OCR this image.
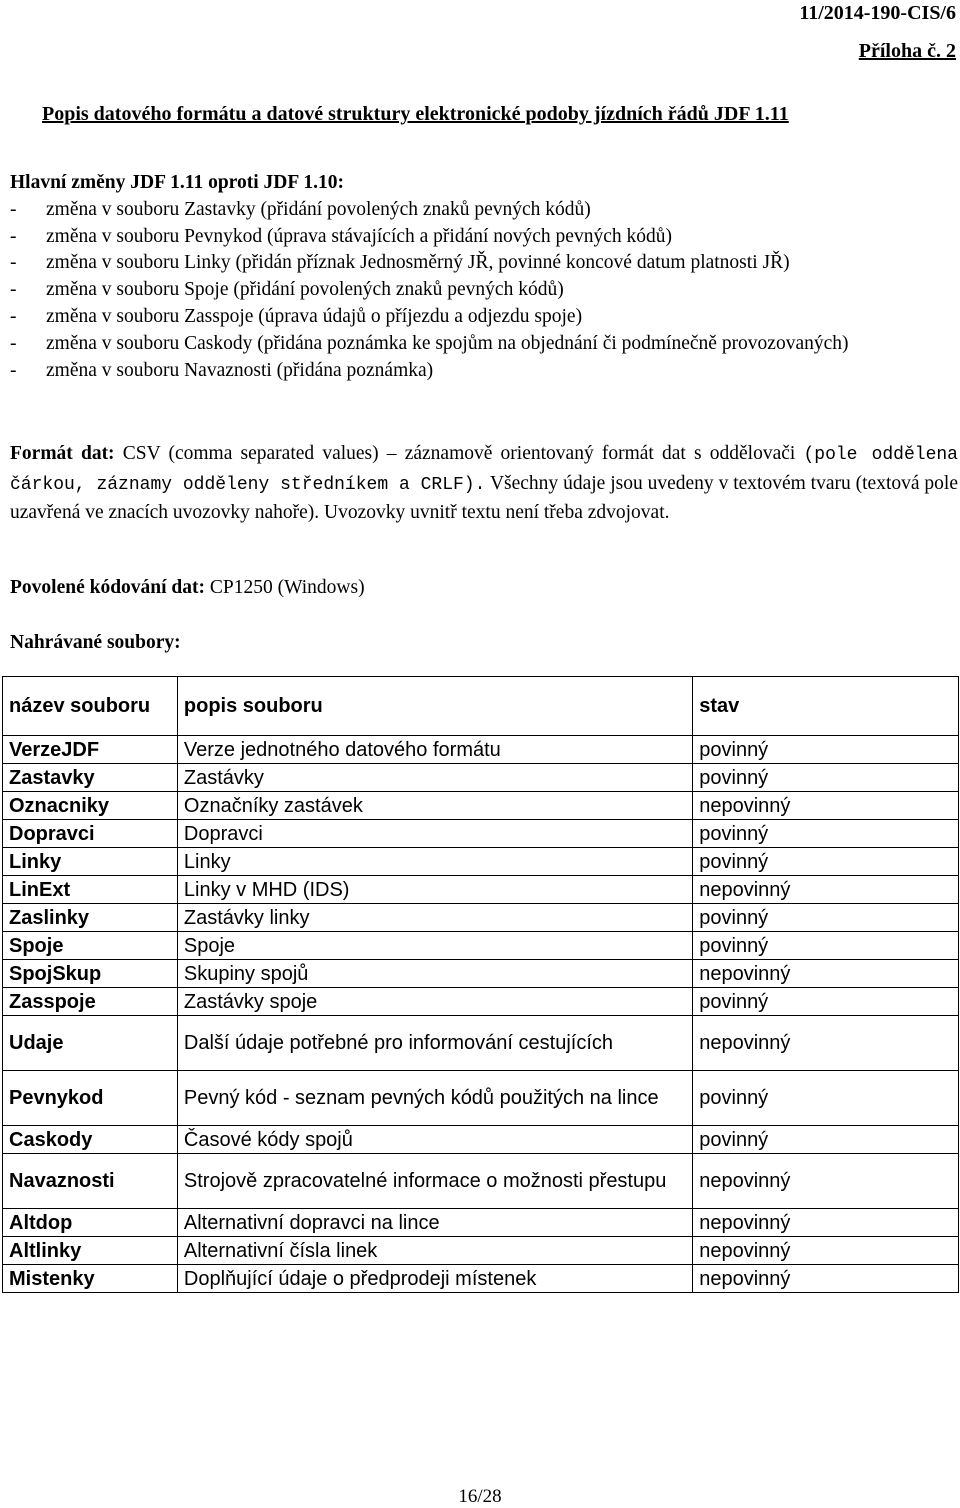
11/2014-190-CIS/6
Příloha č. 2
Popis datového formátu a datové struktury elektronické podoby jízdních řádů JDF 1.11
Hlavní změny JDF 1.11 oproti JDF 1.10:
- změna v souboru Zastavky (přidání povolených znaků pevných kódů)
- změna v souboru Pevnykod (úprava stávajících a přidání nových pevných kódů)
- změna v souboru Linky (přidán příznak Jednosměrný JŘ, povinné koncové datum platnosti JŘ)
- změna v souboru Spoje (přidání povolených znaků pevných kódů)
- změna v souboru Zasspoje (úprava údajů o příjezdu a odjezdu spoje)
- změna v souboru Caskody (přidána poznámka ke spojům na objednání či podmínečně provozovaných)
- změna v souboru Navaznosti (přidána poznámka)
Formát dat: CSV (comma separated values) – záznamově orientovaný formát dat s oddělovači (pole oddělena čárkou, záznamy odděleny středníkem a CRLF). Všechny údaje jsou uvedeny v textovém tvaru (textová pole uzavřená ve znacích uvozovky nahoře). Uvozovky uvnitř textu není třeba zdvojovat.
Povolené kódování dat: CP1250 (Windows)
Nahrávané soubory:
název souboru	popis souboru	stav
VerzeJDF	Verze jednotného datového formátu	povinný
Zastavky	Zastávky	povinný
Oznacniky	Označníky zastávek	nepovinný
Dopravci	Dopravci	povinný
Linky	Linky	povinný
LinExt	Linky v MHD (IDS)	nepovinný
Zaslinky	Zastávky linky	povinný
Spoje	Spoje	povinný
SpojSkup	Skupiny spojů	nepovinný
Zasspoje	Zastávky spoje	povinný
Udaje	Další údaje potřebné pro informování cestujících	nepovinný
Pevnykod	Pevný kód - seznam pevných kódů použitých na lince	povinný
Caskody	Časové kódy spojů	povinný
Navaznosti	Strojově zpracovatelné informace o možnosti přestupu	nepovinný
Altdop	Alternativní dopravci na lince	nepovinný
Altlinky	Alternativní čísla linek	nepovinný
Mistenky	Doplňující údaje o předprodeji místenek	nepovinný
16/28
